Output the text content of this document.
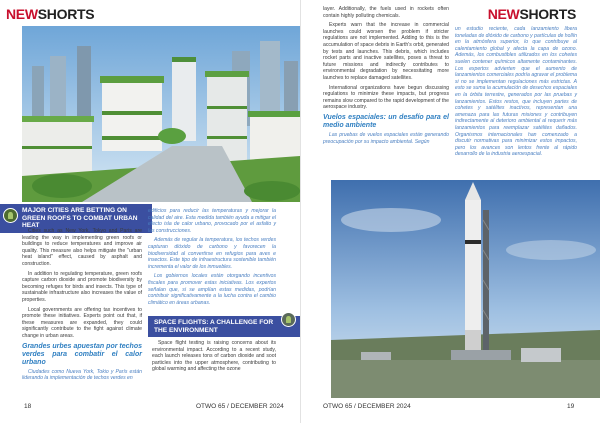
NEWSHORTS
MAJOR CITIES ARE BETTING ON GREEN ROOFS TO COMBAT URBAN HEAT

Cities such as New York, Tokyo and Paris are leading the way in implementing green roofs or buildings to reduce temperatures and improve air quality. This measure also helps mitigate the "urban heat island" effect, caused by asphalt and construction.

In addition to regulating temperature, green roofs capture carbon dioxide and promote biodiversity by becoming refuges for birds and insects. This type of sustainable infrastructure also increases the value of properties.

Local governments are offering tax incentives to promote these initiatives. Experts point out that, if these measures are expanded, they could significantly contribute to the fight against climate change in urban areas.

Grandes urbes apuestan por techos verdes para combatir el calor urbano

Ciudades como Nueva York, Tokio y París están liderando la implementación de techos verdes en

edificios para reducir las temperaturas y mejorar la calidad del aire. Esta medida también ayuda a mitigar el efecto isla de calor urbano, provocado por el asfalto y las construcciones.

Además de regular la temperatura, los techos verdes capturan dióxido de carbono y favorecen la biodiversidad al convertirse en refugios para aves e insectos. Este tipo de infraestructura sostenible también incrementa el valor de los inmuebles.

Los gobiernos locales están otorgando incentivos fiscales para promover estas iniciativas. Los expertos señalan que, si se amplían estas medidas, podrían contribuir significativamente a la lucha contra el cambio climático en áreas urbanas.

SPACE FLIGHTS: A CHALLENGE FOR THE ENVIRONMENT

Space flight testing is raising concerns about its environmental impact. According to a recent study, each launch releases tons of carbon dioxide and soot particles into the upper atmosphere, contributing to global warming and affecting the ozone

18	OTWO 65 / DECEMBER 2024
NEWSHORTS

layer. Additionally, the fuels used in rockets often contain highly polluting chemicals.

Experts warn that the increase in commercial launches could worsen the problem if stricter regulations are not implemented. Adding to this is the accumulation of space debris in Earth's orbit, generated by tests and launches. This debris, which includes rocket parts and inactive satellites, poses a threat to future missions and indirectly contributes to environmental degradation by necessitating more launches to replace damaged satellites.

International organizations have begun discussing regulations to minimize these impacts, but progress remains slow compared to the rapid development of the aerospace industry.

Vuelos espaciales: un desafío para el medio ambiente

Las pruebas de vuelos espaciales están generando preocupación por su impacto ambiental. Según

un estudio reciente, cada lanzamiento libera toneladas de dióxido de carbono y partículas de hollín en la atmósfera superior, lo que contribuye al calentamiento global y afecta la capa de ozono. Además, los combustibles utilizados en los cohetes suelen contener químicos altamente contaminantes. Los expertos advierten que el aumento de lanzamientos comerciales podría agravar el problema si no se implementan regulaciones más estrictas. A esto se suma la acumulación de desechos espaciales en la órbita terrestre, generados por las pruebas y lanzamientos. Estos restos, que incluyen partes de cohetes y satélites inactivos, representan una amenaza para las futuras misiones y contribuyen indirectamente al deterioro ambiental al requerir más lanzamientos para reemplazar satélites dañados. Organismos internacionales han comenzado a discutir normativas para minimizar estos impactos, pero los avances son lentos frente al rápido desarrollo de la industria aeroespacial.

OTWO 65 / DECEMBER 2024	19
